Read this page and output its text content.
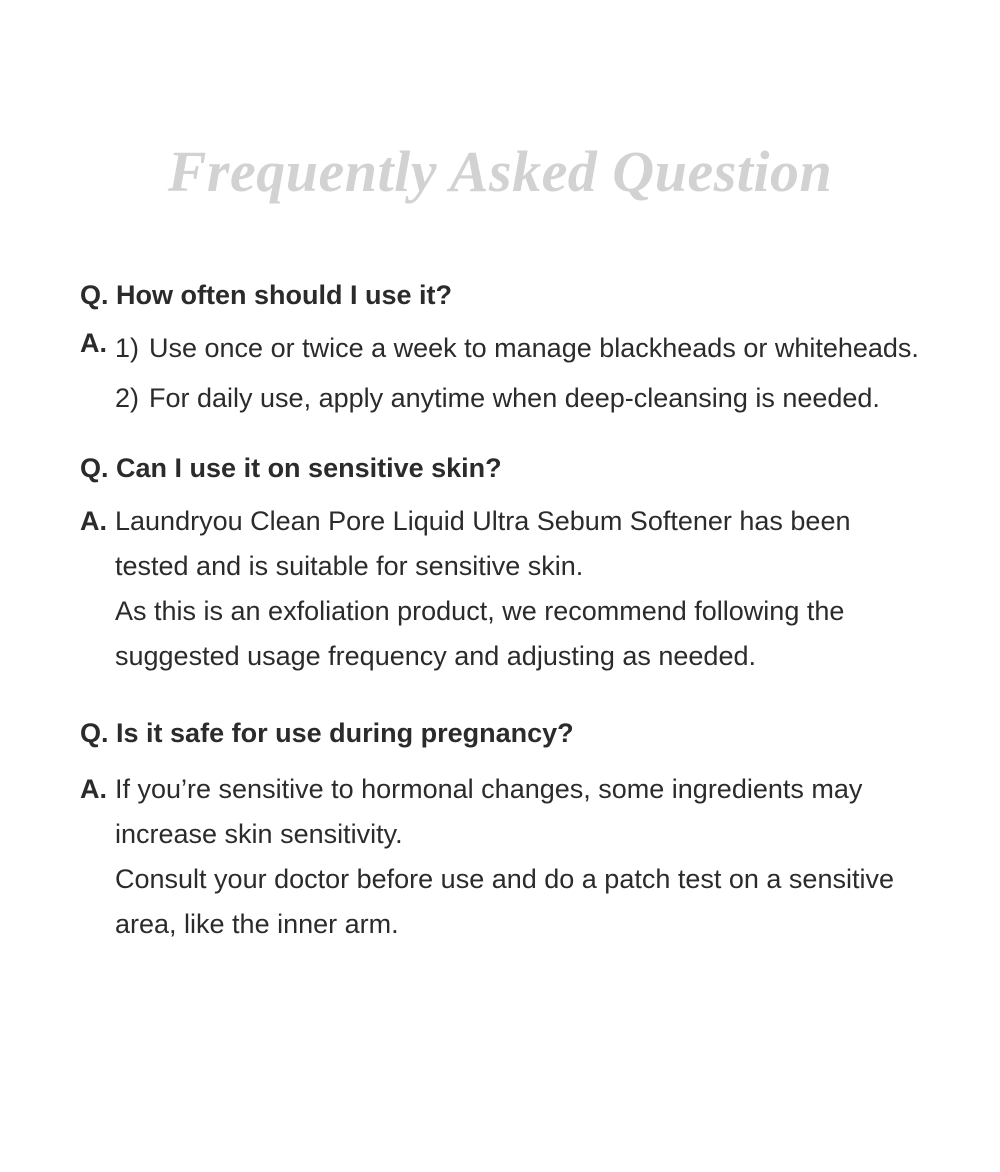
Frequently Asked Question
Q. How often should I use it?
A. 1) Use once or twice a week to manage blackheads or whiteheads.
2) For daily use, apply anytime when deep-cleansing is needed.
Q. Can I use it on sensitive skin?
A. Laundryou Clean Pore Liquid Ultra Sebum Softener has been tested and is suitable for sensitive skin.

As this is an exfoliation product, we recommend following the suggested usage frequency and adjusting as needed.

Q. Is it safe for use during pregnancy?
A. If you’re sensitive to hormonal changes, some ingredients may increase skin sensitivity.

Consult your doctor before use and do a patch test on a sensitive area, like the inner arm.
